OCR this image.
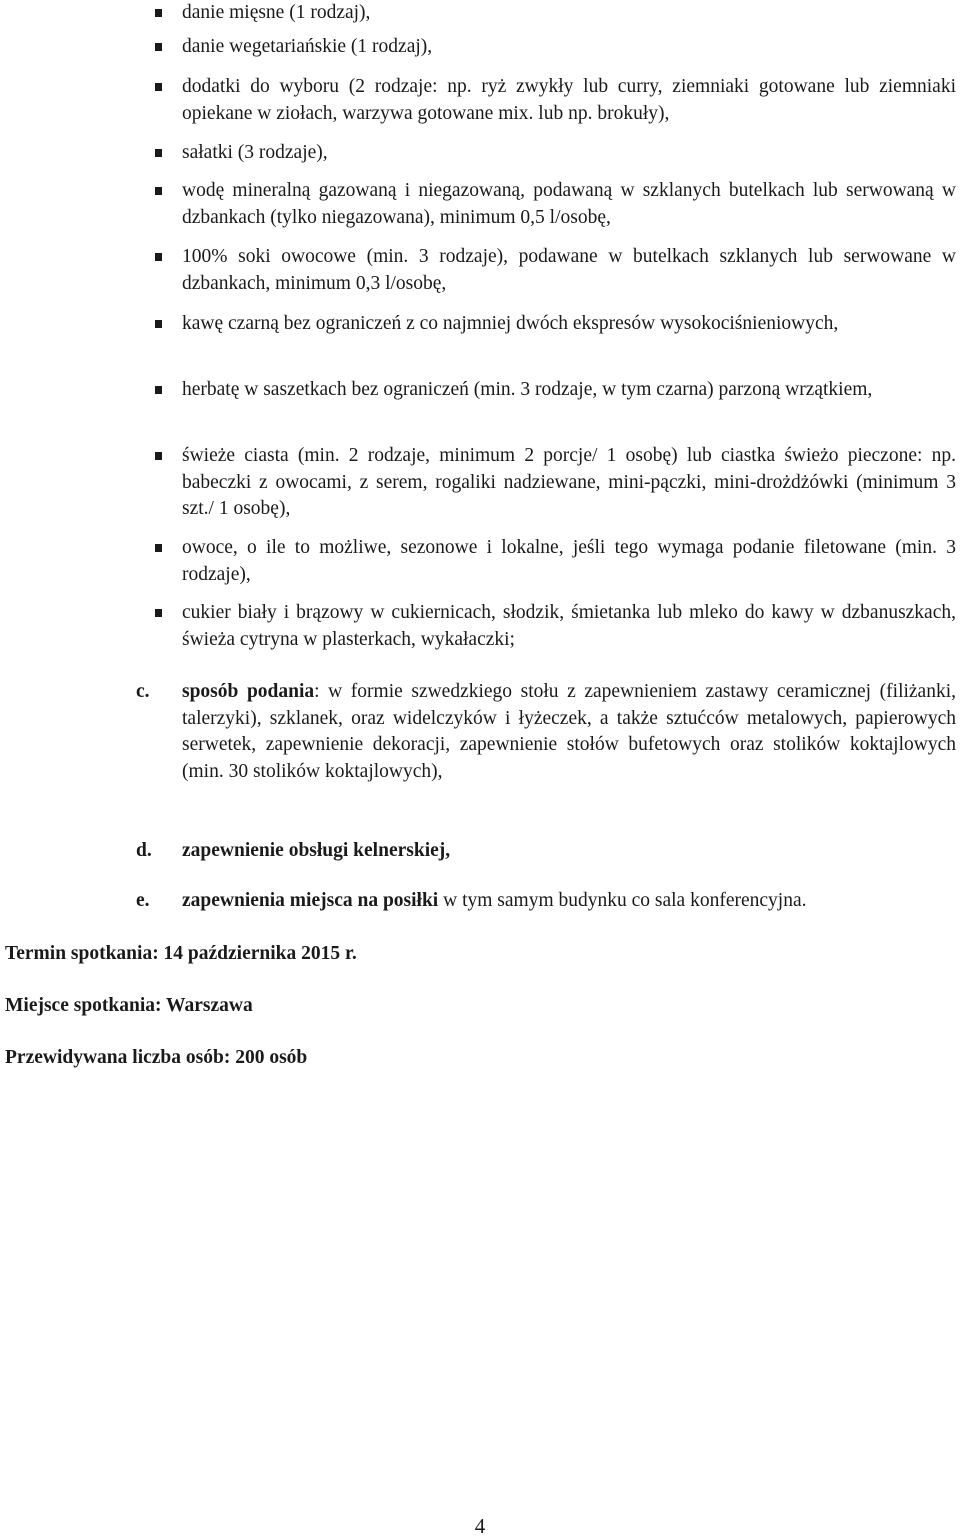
danie mięsne (1 rodzaj),
danie wegetariańskie (1 rodzaj),
dodatki do wyboru (2 rodzaje: np. ryż zwykły lub curry, ziemniaki gotowane lub ziemniaki opiekane w ziołach, warzywa gotowane mix. lub np. brokuły),
sałatki (3 rodzaje),
wodę mineralną gazowaną i niegazowaną, podawaną w szklanych butelkach lub serwowaną w dzbankach (tylko niegazowana), minimum 0,5 l/osobę,
100% soki owocowe (min. 3 rodzaje), podawane w butelkach szklanych lub serwowane w dzbankach, minimum 0,3 l/osobę,
kawę czarną bez ograniczeń z co najmniej dwóch ekspresów wysokociśnieniowych,
herbatę w saszetkach bez ograniczeń (min. 3 rodzaje, w tym czarna) parzoną wrzątkiem,
świeże ciasta (min. 2 rodzaje, minimum 2 porcje/ 1 osobę) lub ciastka świeżo pieczone: np. babeczki z owocami, z serem, rogaliki nadziewane, mini-pączki, mini-drożdżówki (minimum 3 szt./ 1 osobę),
owoce, o ile to możliwe, sezonowe i lokalne, jeśli tego wymaga podanie filetowane (min. 3 rodzaje),
cukier biały i brązowy w cukiernicach, słodzik, śmietanka lub mleko do kawy w dzbanuszkach, świeża cytryna w plasterkach, wykałaczki;
c. sposób podania: w formie szwedzkiego stołu z zapewnieniem zastawy ceramicznej (filiżanki, talerzyki), szklanek, oraz widelczyków i łyżeczek, a także sztućców metalowych, papierowych serwetek, zapewnienie dekoracji, zapewnienie stołów bufetowych oraz stolików koktajlowych (min. 30 stolików koktajlowych),
d. zapewnienie obsługi kelnerskiej,
e. zapewnienia miejsca na posiłki w tym samym budynku co sala konferencyjna.
Termin spotkania: 14 października 2015 r.
Miejsce spotkania: Warszawa
Przewidywana liczba osób: 200 osób
4
